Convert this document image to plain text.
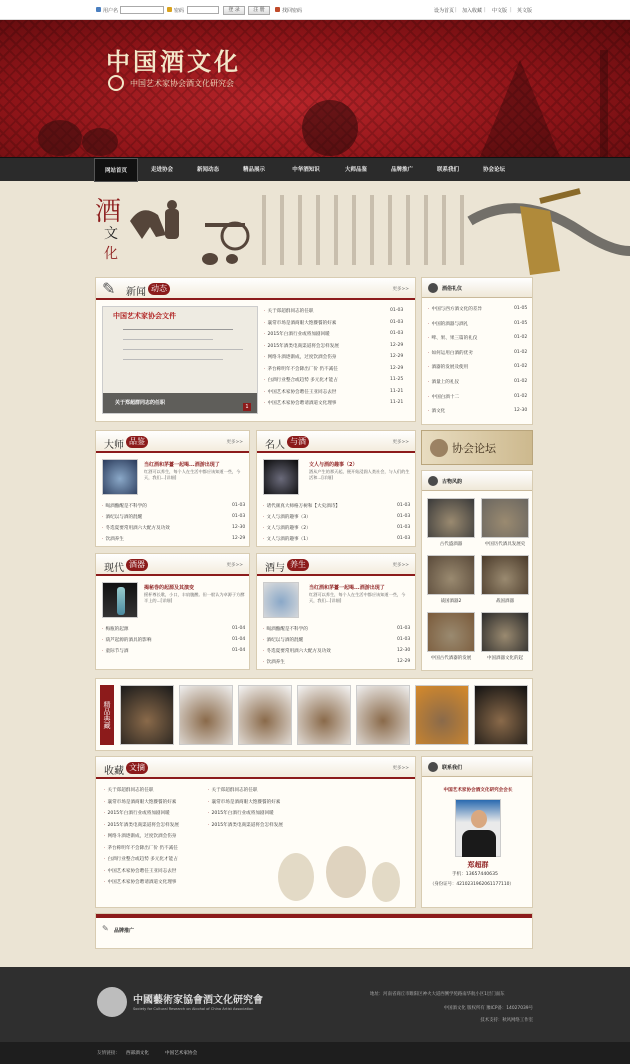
用户名	密码	登 录	注 册	找回密码	设为首页 | 加入收藏 | 中文版 | 英文版
中国酒文化
中国艺术家协会酒文化研究会
网站首页	走进协会	新闻动态	精品展示	中华酒知识	大师品鉴	品牌推广	联系我们	协会论坛
酒
文
化
新闻 动态
✎	更多>>
中国艺术家协会文件
关于郑超群同志的任职
1
· 关于郑超群同志的任职	01-03
· 襄常市场是酒商眼大饱饕餮的好素	01-03
· 2015年白酒行业或将加剧回暖	01-03
· 2015年酒类电商渠道将会怎样发展	12-29
· 网络斗酒逐渐成，过度饮酒会伤身	12-29
· 茅台称明年不会降出厂价 仍不减任	12-29
· 白酒行业整合或趋势 多元化才能占	11-25
· 中国艺术家协会聘任王亚同志去世	11-21
· 中国艺术家协会聘请酒道文化理事	11-21
酒俗礼仪
· 中国与西方酒文化的差异	01-05
· 中国的酒器与酒礼	01-05
· 啤、果、果三篇的礼仪	01-02
· 如何运用白酒的优劣	01-02
· 酒器的发展及使用	01-02
· 酒量上的礼仪	01-02
· 中国白酒十二	01-02
· 酒文化	12-30
协会论坛
大师 品鉴	更多>>
当红酒和茅薹一起喝...酒游出现了
红酒可以养生，每个人在生活中都应该知道一些，今天，我们...[详细]
· 喝酒酿醒是不科学的	01-03
· 酒纪以与酒的混醒	01-03
· 冬选夏要常用酒六大配方及功效	12-30
· 饮酒养生	12-29
名人 与酒	更多>>
文人与酒的趣事（2）
酒从产生的那天起，便开始浸润人类社会，与人们的生活和...[详细]
· 诸代颜真大师格万树和【大史酒诗】	01-03
· 文人与酒的趣事（3）	01-03
· 文人与酒的趣事（2）	01-03
· 文人与酒的趣事（1）	01-03
古物风韵
古代盛酒器	中国历代酒具发展史
战国酒器2	战国酒器
中国古代酒器的发展	中国酒器文化的起
现代 酒器	更多>>
揭秘巻的起源及其演变
摇杯尊长歌，小口，丰扇腹酸。但一般认为卓源于方酵半上的...[详细]
· 梅瓶的起源	01-04
· 葫芦起源的酒具的影响	01-04
· 童际节与酒	01-04
酒与 养生	更多>>
当红酒和茅薹一起喝...酒游出现了
红酒可以养生，每个人在生活中都应该知道一些，今天，我们...[详细]
· 喝酒酿醒是不科学的	01-03
· 酒纪以与酒的混醒	01-03
· 冬选夏要常用酒六大配方及功效	12-30
· 饮酒养生	12-29
精品典藏
收藏 文摘	更多>>
· 关于郑超群同志的任职
· 襄常市场是酒商眼大饱饕餮的好素
· 2015年白酒行业或将加剧回暖
· 2015年酒类电商渠道将会怎样发展
· 网络斗酒逐渐成，过度饮酒会伤身
· 茅台称明年不会降出厂价 仍不减任
· 白酒行业整合或趋势 多元化才能占
· 中国艺术家协会聘任王亚同志去世
· 中国艺术家协会聘请酒道文化理事
· 关于郑超群同志的任职
· 襄常市场是酒商眼大饱饕餮的好素
· 2015年白酒行业或将加剧回暖
· 2015年酒类电商渠道将会怎样发展
联系我们
中国艺术家协会酒文化研究会会长
郑超群
手机：13657440635
（身份证号：4210231962061177110）
✎ 品牌推广
中國藝術家協會酒文化研究會
Society for Cultural Research on Alcohol of China Artist Association
地址：河南省商丘市睢阳区神火大道西侧学苑路南华航小区1层门面东
中国酒文化 版权所有 豫ICP备：14027039号
技术支持：秋风网络工作室
友情链接： 西部酒文化	中国艺术家协会
